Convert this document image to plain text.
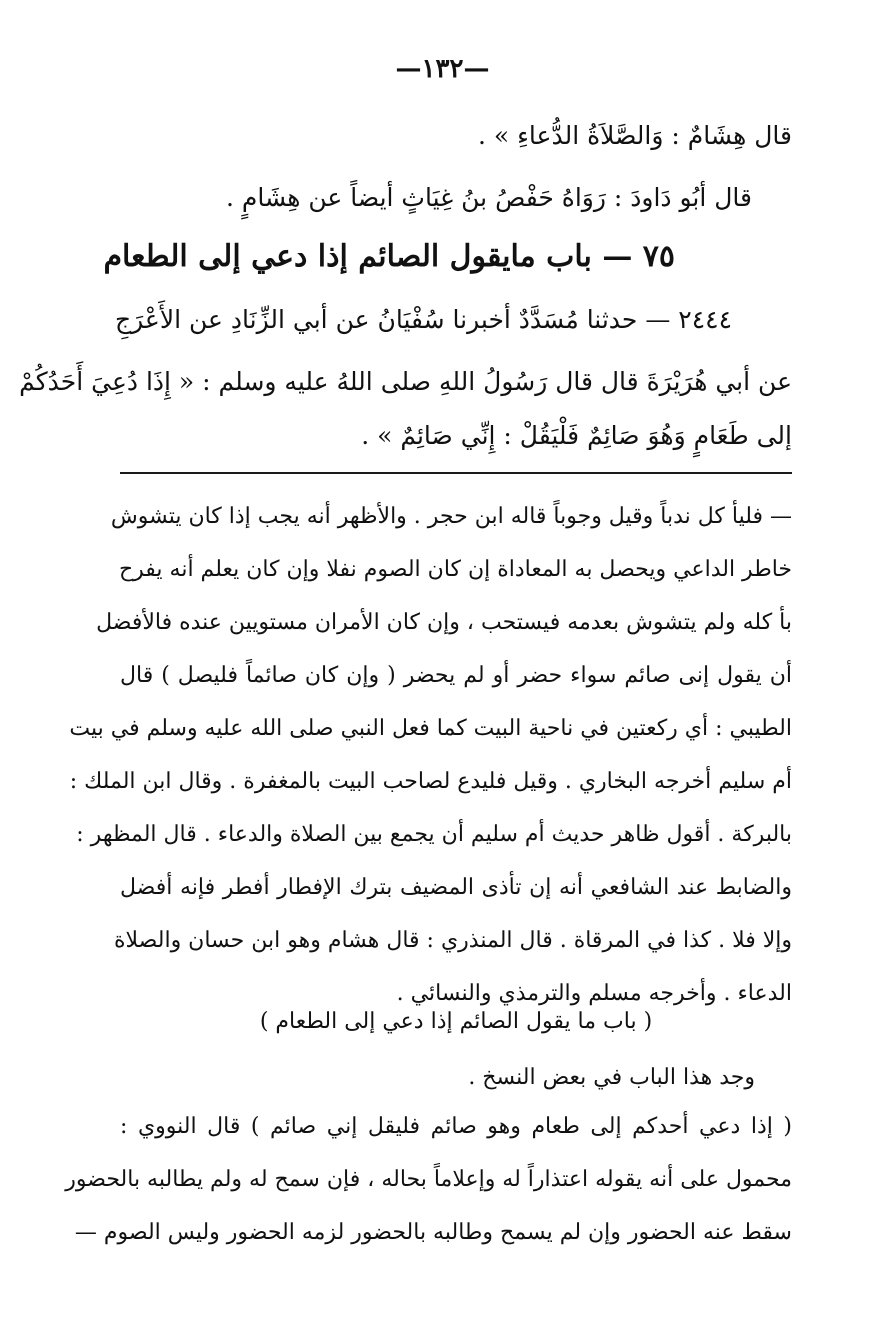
—١٣٢—
قال هِشَامٌ : وَالصَّلاَةُ الدُّعاءِ » .
قال أبُو دَاودَ : رَوَاهُ حَفْصُ بنُ غِيَاثٍ أيضاً عن هِشَامٍ .
٧٥ — باب مايقول الصائم إذا دعي إلى الطعام
٢٤٤٤ — حدثنا مُسَدَّدٌ أخبرنا سُفْيَانُ عن أبي الزِّنَادِ عن الأَعْرَجِ
عن أبي هُرَيْرَةَ قال قال رَسُولُ اللهِ صلى اللهُ عليه وسلم : « إِذَا دُعِيَ أَحَدُكُمْ
إلى طَعَامٍ وَهُوَ صَائِمٌ فَلْيَقُلْ : إِنِّي صَائِمٌ » .
— فليأ كل ندباً وقيل وجوباً قاله ابن حجر . والأظهر أنه يجب إذا كان يتشوش
خاطر الداعي ويحصل به المعاداة إن كان الصوم نفلا وإن كان يعلم أنه يفرح
بأ كله ولم يتشوش بعدمه فيستحب ، وإن كان الأمران مستويين عنده فالأفضل
أن يقول إنى صائم سواء حضر أو لم يحضر ( وإن كان صائماً فليصل ) قال
الطيبي : أي ركعتين في ناحية البيت كما فعل النبي صلى الله عليه وسلم في بيت
أم سليم أخرجه البخاري . وقيل فليدع لصاحب البيت بالمغفرة . وقال ابن الملك :
بالبركة . أقول ظاهر حديث أم سليم أن يجمع بين الصلاة والدعاء . قال المظهر :
والضابط عند الشافعي أنه إن تأذى المضيف بترك الإفطار أفطر فإنه أفضل
وإلا فلا . كذا في المرقاة . قال المنذري : قال هشام وهو ابن حسان والصلاة
الدعاء . وأخرجه مسلم والترمذي والنسائي .
( باب ما يقول الصائم إذا دعي إلى الطعام )
وجد هذا الباب في بعض النسخ .
( إذا دعي أحدكم إلى طعام وهو صائم فليقل إني صائم ) قال النووي :
محمول على أنه يقوله اعتذاراً له وإعلاماً بحاله ، فإن سمح له ولم يطالبه بالحضور
سقط عنه الحضور وإن لم يسمح وطالبه بالحضور لزمه الحضور وليس الصوم —
